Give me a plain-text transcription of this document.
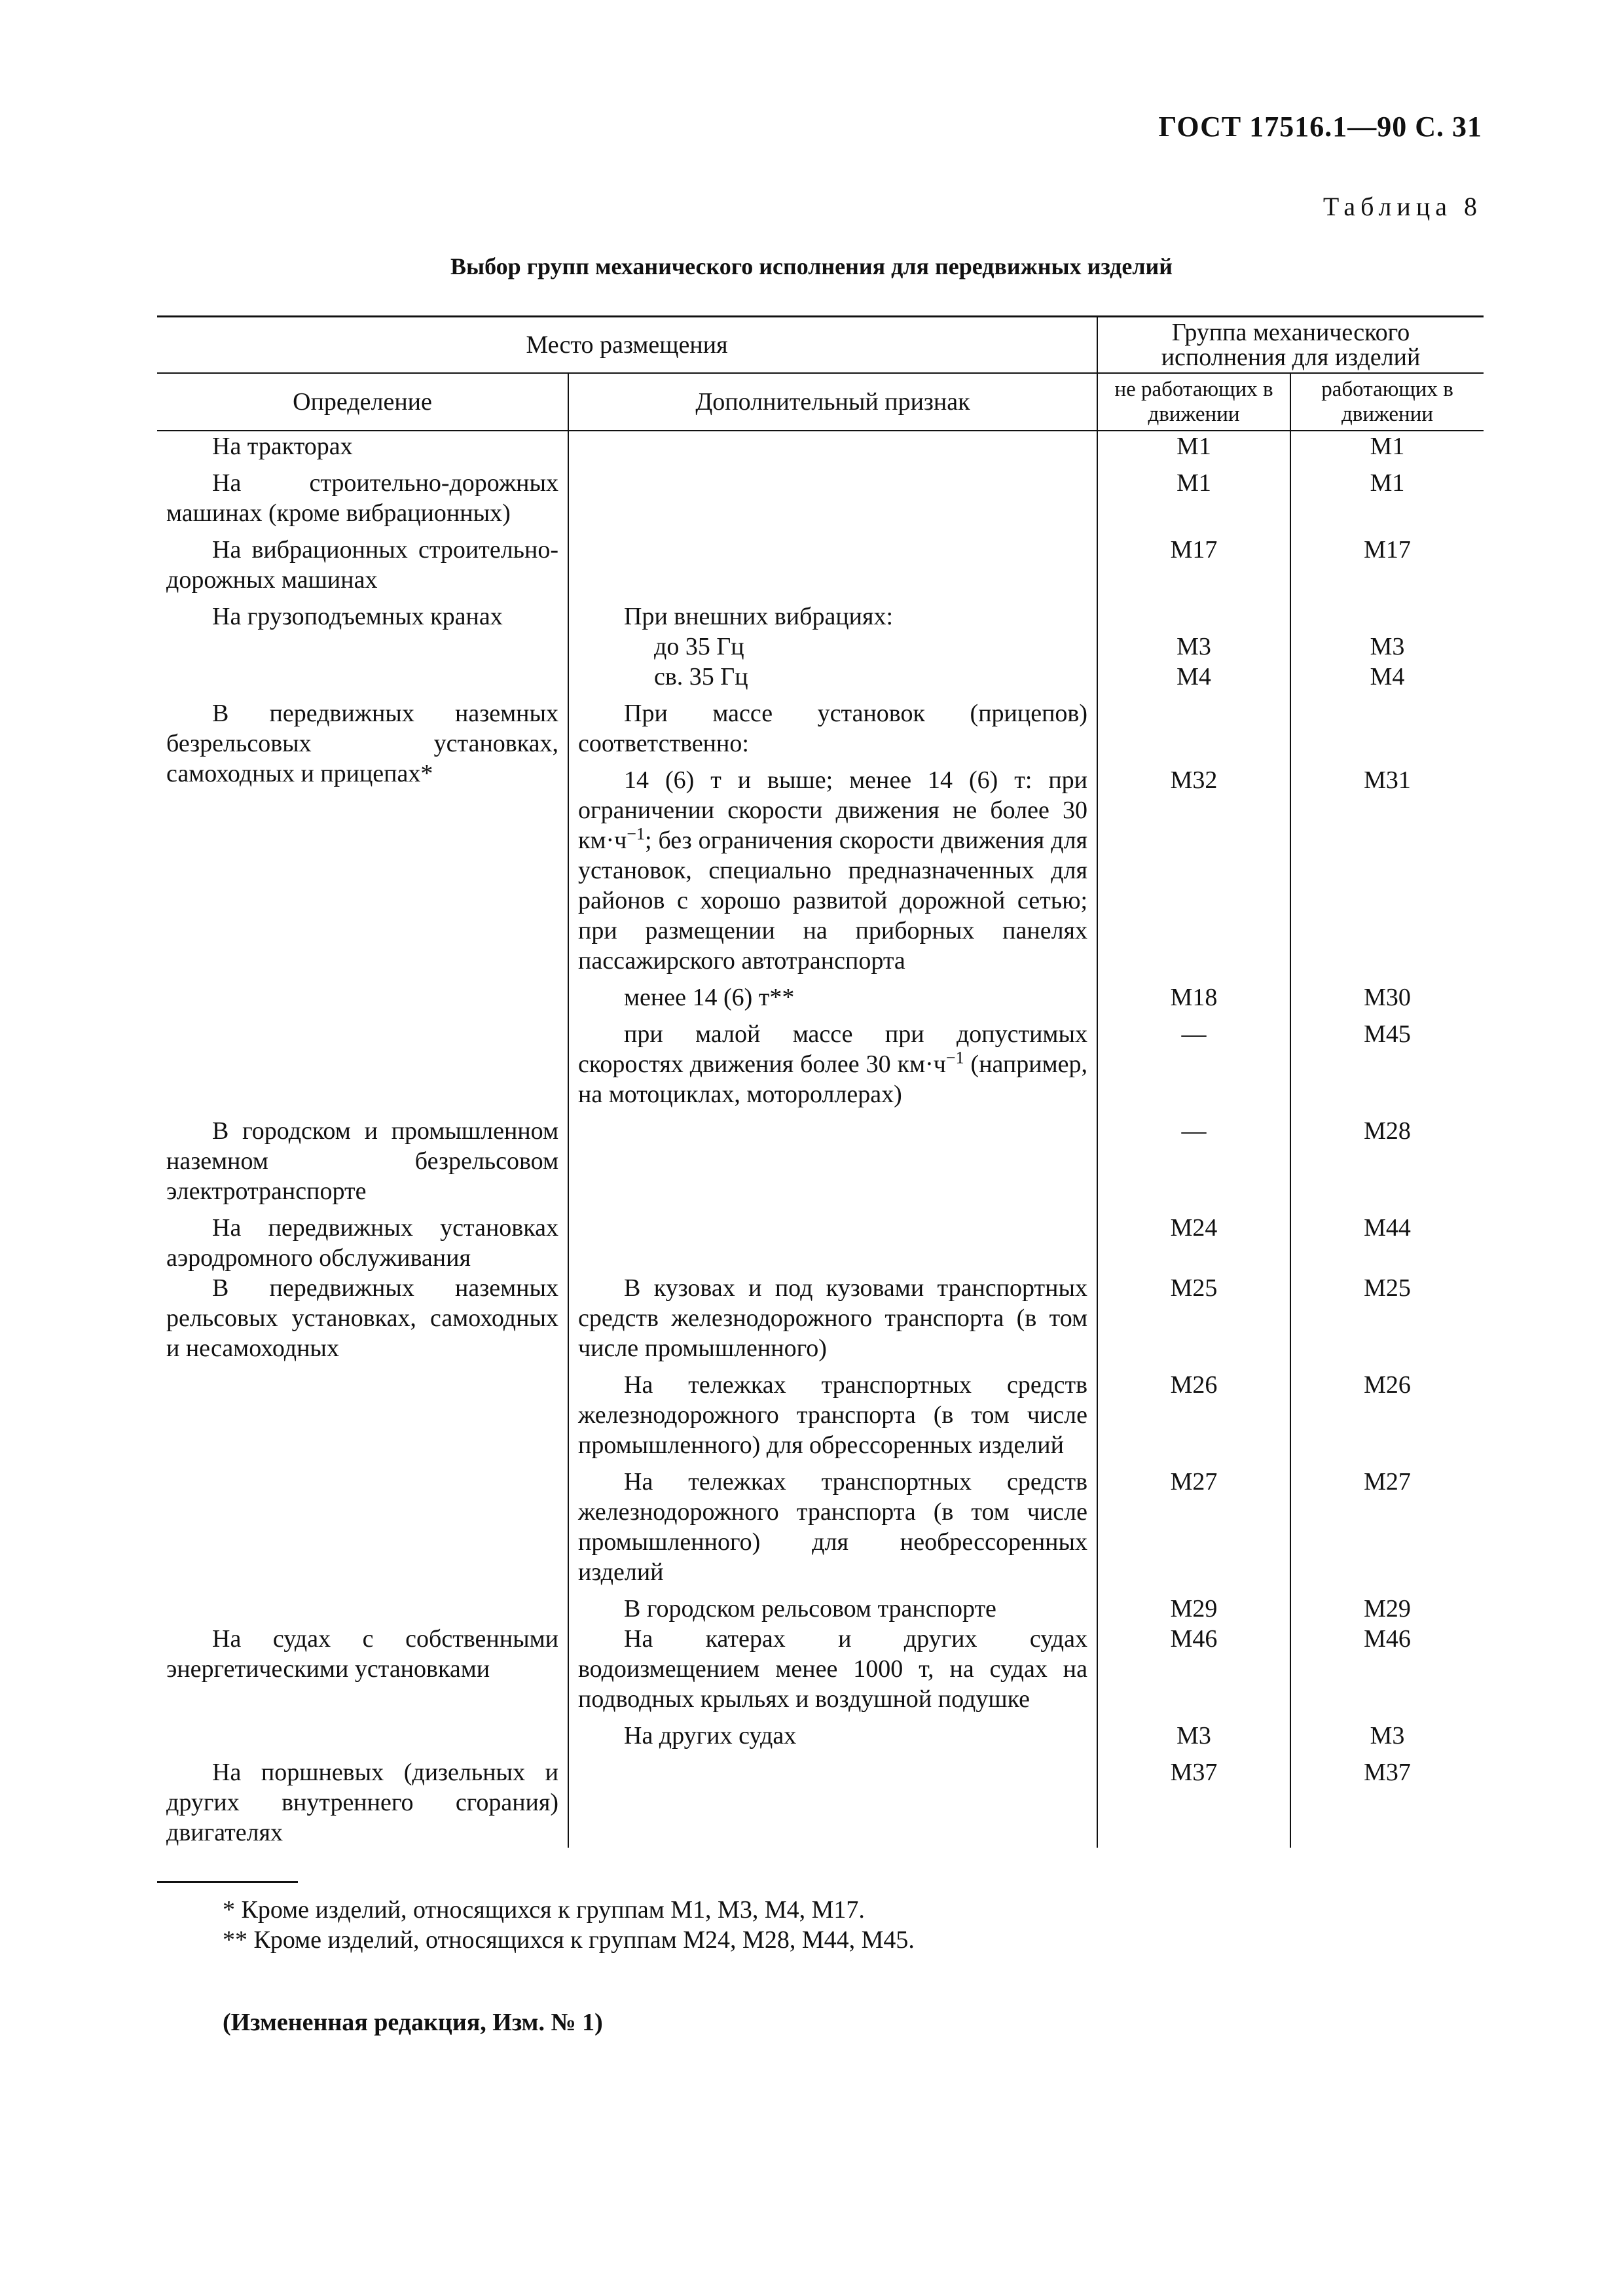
ГОСТ 17516.1—90 С. 31
Таблица 8
Выбор групп механического исполнения для передвижных изделий
Место размещения		Группа механического исполнения для изделий	
Определение	Дополнительный признак	не работающих в движении	работающих в движении
На тракторах		М1	М1

На строительно-дорожных машинах (кроме вибрационных)		М1	М1

На вибрационных строительно-дорожных машинах		М17	М17

На грузоподъемных кранах	При внешних вибрациях:		
	до 35 Гц	М3	М3
	св. 35 Гц	М4	М4

В передвижных наземных безрельсовых установках, самоходных и прицепах*	При массе установок (прицепов) соответственно:		

	14 (6) т и выше; менее 14 (6) т: при ограничении скорости движения не более 30 $км\cdot ч^{-1}$; без ограничения скорости движения для установок, специально предназначенных для районов с хорошо развитой дорожной сетью; при размещении на приборных панелях пассажирского автотранспорта	М32	М31

	менее 14 (6) т**	М18	М30

	при малой массе при допустимых скоростях движения более 30 $км\cdot ч^{-1}$ (например, на мотоциклах, мотороллерах)	—	М45

В городском и промышленном наземном безрельсовом электротранспорте		—	М28

На передвижных установках аэродромного обслуживания		М24	М44
В передвижных наземных рельсовых установках, самоходных и несамоходных	В кузовах и под кузовами транспортных средств железнодорожного транспорта (в том числе промышленного)	М25	М25

	На тележках транспортных средств железнодорожного транспорта (в том числе промышленного) для обрессоренных изделий	М26	М26

	На тележках транспортных средств железнодорожного транспорта (в том числе промышленного) для необрессоренных изделий	М27	М27

	В городском рельсовом транспорте	М29	М29
На судах с собственными энергетическими установками	На катерах и других судах водоизмещением менее 1000 т, на судах на подводных крыльях и воздушной подушке	М46	М46

	На других судах	М3	М3

На поршневых (дизельных и других внутреннего сгорания) двигателях		М37	М37
* Кроме изделий, относящихся к группам М1, М3, М4, М17.
** Кроме изделий, относящихся к группам М24, М28, М44, М45.
(Измененная редакция, Изм. № 1)
